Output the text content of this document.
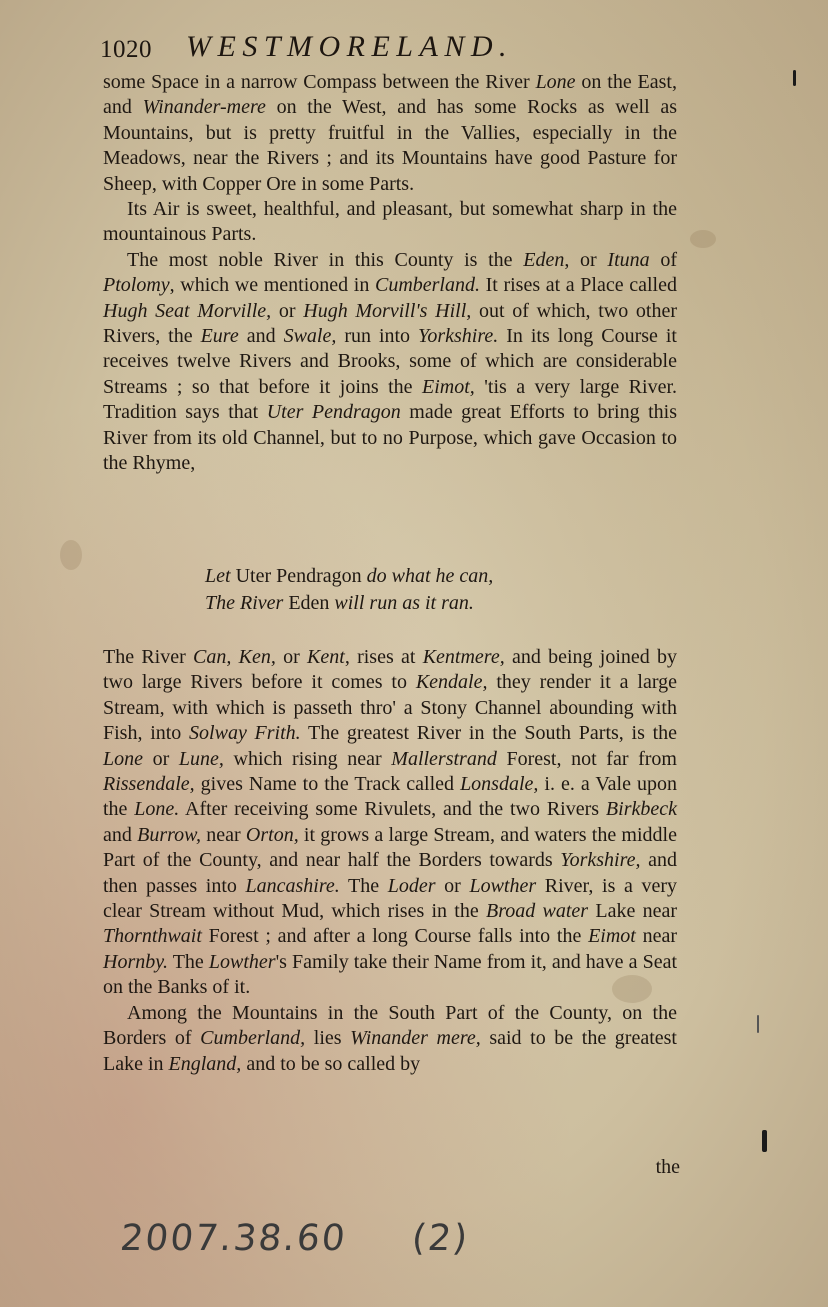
1020 WESTMORELAND.

some Space in a narrow Compass between the River Lone on the East, and Winander-mere on the West, and has some Rocks as well as Mountains, but is pretty fruitful in the Vallies, especially in the Meadows, near the Rivers ; and its Mountains have good Pasture for Sheep, with Copper Ore in some Parts.

Its Air is sweet, healthful, and pleasant, but somewhat sharp in the mountainous Parts.

The most noble River in this County is the Eden, or Ituna of Ptolomy, which we mentioned in Cumberland. It rises at a Place called Hugh Seat Morville, or Hugh Morvill's Hill, out of which, two other Rivers, the Eure and Swale, run into Yorkshire. In its long Course it receives twelve Rivers and Brooks, some of which are considerable Streams ; so that before it joins the Eimot, 'tis a very large River. Tradition says that Uter Pendragon made great Efforts to bring this River from its old Channel, but to no Purpose, which gave Occasion to the Rhyme,

Let Uter Pendragon do what he can,
The River Eden will run as it ran.

The River Can, Ken, or Kent, rises at Kentmere, and being joined by two large Rivers before it comes to Kendale, they render it a large Stream, with which is passeth thro' a Stony Channel abounding with Fish, into Solway Frith. The greatest River in the South Parts, is the Lone or Lune, which rising near Mallerstrand Forest, not far from Rissendale, gives Name to the Track called Lonsdale, i. e. a Vale upon the Lone. After receiving some Rivulets, and the two Rivers Birkbeck and Burrow, near Orton, it grows a large Stream, and waters the middle Part of the County, and near half the Borders towards Yorkshire, and then passes into Lancashire. The Loder or Lowther River, is a very clear Stream without Mud, which rises in the Broad water Lake near Thornthwait Forest ; and after a long Course falls into the Eimot near Hornby. The Lowther's Family take their Name from it, and have a Seat on the Banks of it.

Among the Mountains in the South Part of the County, on the Borders of Cumberland, lies Winander mere, said to be the greatest Lake in England, and to be so called by

the
2007.38.60 (2)
